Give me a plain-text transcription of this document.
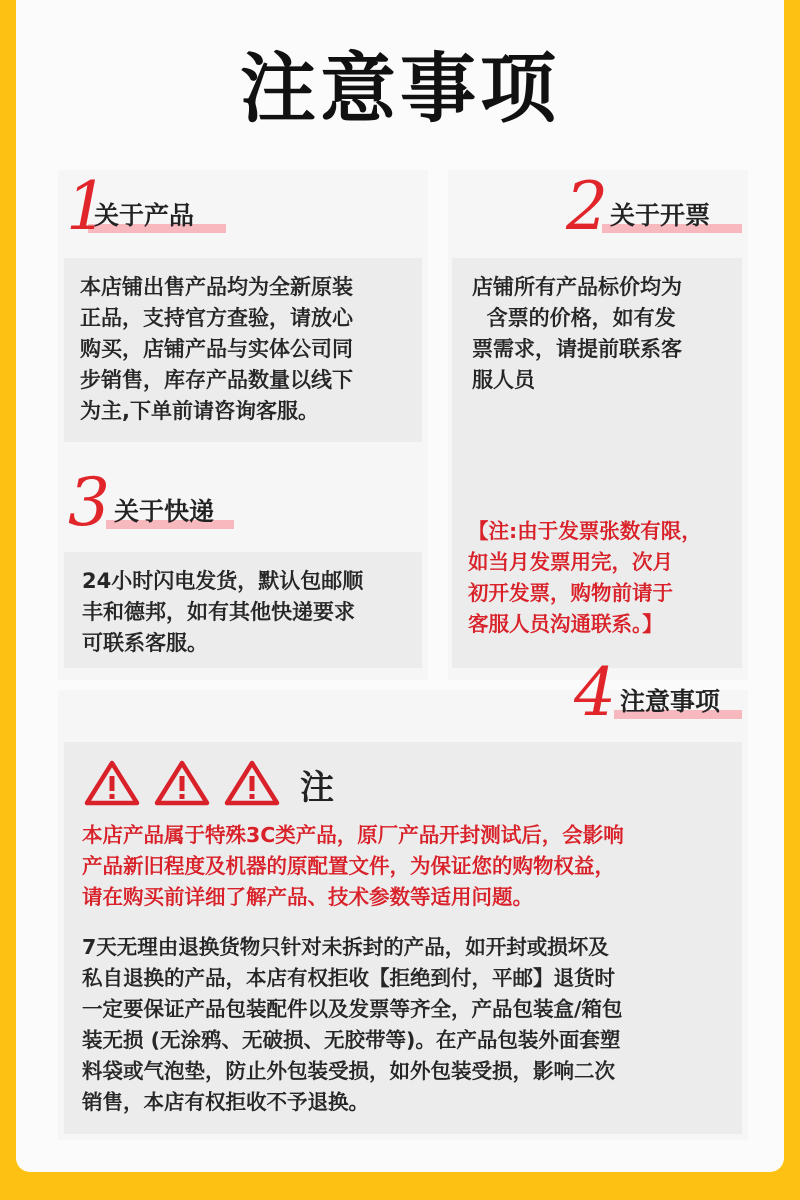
注意事项
1
关于产品
本店铺出售产品均为全新原装
正品，支持官方查验，请放心
购买，店铺产品与实体公司同
步销售，库存产品数量以线下
为主,下单前请咨询客服。
2 关于开票
店铺所有产品标价均为
含票的价格，如有发
票需求，请提前联系客
服人员
【注:由于发票张数有限，
如当月发票用完，次月
初开发票，购物前请于
客服人员沟通联系。】
3 关于快递
24小时闪电发货，默认包邮顺
丰和德邦，如有其他快递要求
可联系客服。
4 注意事项
注
本店产品属于特殊3C类产品，原厂产品开封测试后，会影响
产品新旧程度及机器的原配置文件，为保证您的购物权益，
请在购买前详细了解产品、技术参数等适用问题。
7天无理由退换货物只针对未拆封的产品，如开封或损坏及
私自退换的产品，本店有权拒收【拒绝到付，平邮】退货时
一定要保证产品包装配件以及发票等齐全，产品包装盒/箱包
装无损 (无涂鸦、无破损、无胶带等)。在产品包装外面套塑
料袋或气泡垫，防止外包装受损，如外包装受损，影响二次
销售，本店有权拒收不予退换。
